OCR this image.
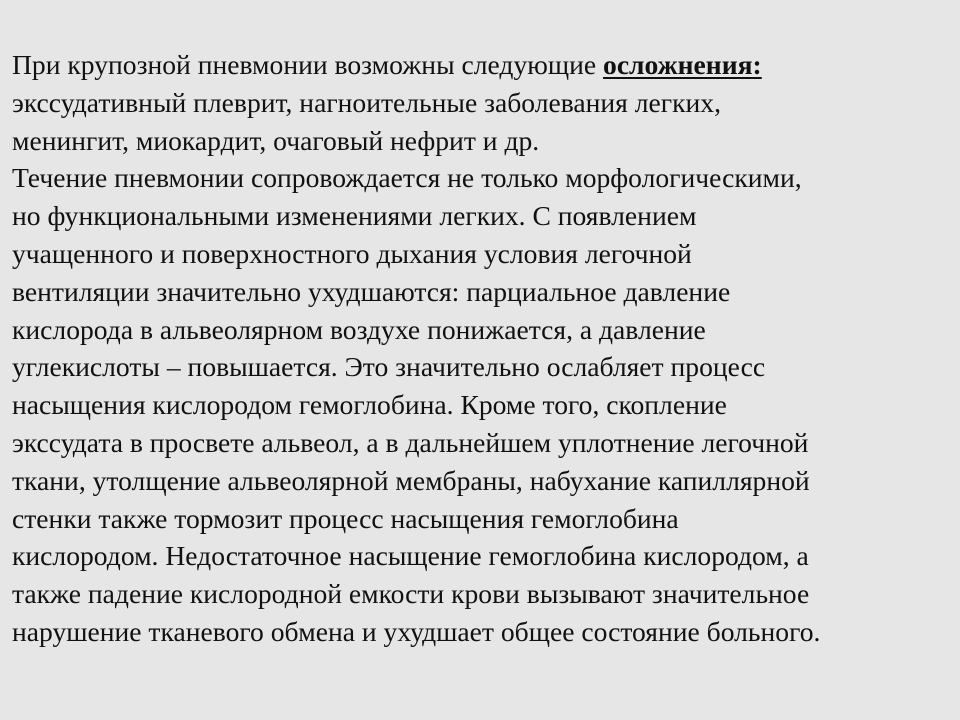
При крупозной пневмонии возможны следующие осложнения:
экссудативный плеврит, нагноительные заболевания легких,
менингит, миокардит, очаговый нефрит и др.
Течение пневмонии сопровождается не только морфологическими,
но функциональными изменениями легких. С появлением
учащенного и поверхностного дыхания условия легочной
вентиляции значительно ухудшаются: парциальное давление
кислорода в альвеолярном воздухе понижается, а давление
углекислоты – повышается. Это значительно ослабляет процесс
насыщения кислородом гемоглобина. Кроме того, скопление
экссудата в просвете альвеол, а в дальнейшем уплотнение легочной
ткани, утолщение альвеолярной мембраны, набухание капиллярной
стенки также тормозит процесс насыщения гемоглобина
кислородом. Недостаточное насыщение гемоглобина кислородом, а
также падение кислородной емкости крови вызывают значительное
нарушение тканевого обмена и ухудшает общее состояние больного.
